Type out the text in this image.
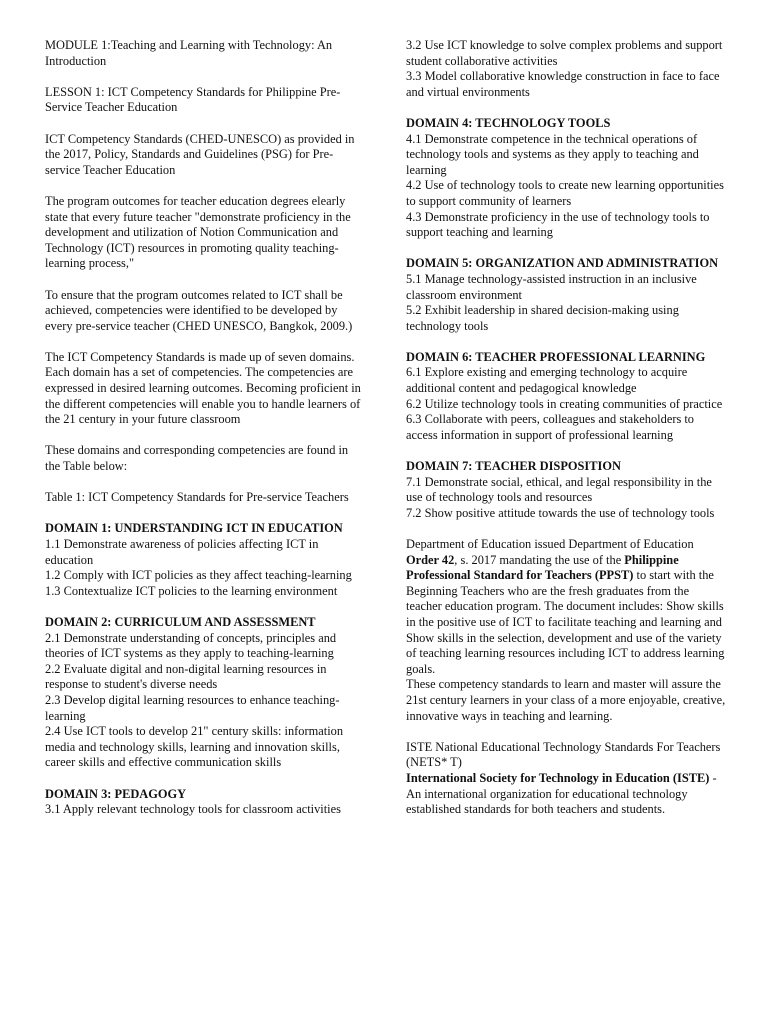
MODULE 1:Teaching and Learning with Technology: An Introduction

LESSON 1: ICT Competency Standards for Philippine Pre- Service Teacher Education

ICT Competency Standards (CHED-UNESCO) as provided in the 2017, Policy, Standards and Guidelines (PSG) for Pre-service Teacher Education

The program outcomes for teacher education degrees elearly state that every future teacher "demonstrate proficiency in the development and utilization of Notion Communication and Technology (ICT) resources in promoting quality teaching-learning process,"

To ensure that the program outcomes related to ICT shall be achieved, competencies were identified to be developed by every pre-service teacher (CHED UNESCO, Bangkok, 2009.)

The ICT Competency Standards is made up of seven domains. Each domain has a set of competencies. The competencies are expressed in desired learning outcomes. Becoming proficient in the different competencies will enable you to handle learners of the 21 century in your future classroom

These domains and corresponding competencies are found in the Table below:

Table 1: ICT Competency Standards for Pre-service Teachers

DOMAIN 1: UNDERSTANDING ICT IN EDUCATION
1.1 Demonstrate awareness of policies affecting ICT in education
1.2 Comply with ICT policies as they affect teaching-learning
1.3 Contextualize ICT policies to the learning environment
DOMAIN 2: CURRICULUM AND ASSESSMENT
2.1 Demonstrate understanding of concepts, principles and theories of ICT systems as they apply to teaching-learning
2.2 Evaluate digital and non-digital learning resources in response to student's diverse needs
2.3 Develop digital learning resources to enhance teaching-learning
2.4 Use ICT tools to develop 21" century skills: information media and technology skills, learning and innovation skills, career skills and effective communication skills
DOMAIN 3: PEDAGOGY
3.1 Apply relevant technology tools for classroom activities
3.2 Use ICT knowledge to solve complex problems and support student collaborative activities
3.3 Model collaborative knowledge construction in face to face and virtual environments
DOMAIN 4: TECHNOLOGY TOOLS
4.1 Demonstrate competence in the technical operations of technology tools and systems as they apply to teaching and learning
4.2 Use of technology tools to create new learning opportunities to support community of learners
4.3 Demonstrate proficiency in the use of technology tools to support teaching and learning
DOMAIN 5: ORGANIZATION AND ADMINISTRATION
5.1 Manage technology-assisted instruction in an inclusive classroom environment
5.2 Exhibit leadership in shared decision-making using technology tools
DOMAIN 6: TEACHER PROFESSIONAL LEARNING
6.1 Explore existing and emerging technology to acquire additional content and pedagogical knowledge
6.2 Utilize technology tools in creating communities of practice
6.3 Collaborate with peers, colleagues and stakeholders to access information in support of professional learning
DOMAIN 7: TEACHER DISPOSITION
7.1 Demonstrate social, ethical, and legal responsibility in the use of technology tools and resources
7.2 Show positive attitude towards the use of technology tools

Department of Education issued Department of Education Order 42, s. 2017 mandating the use of the Philippine Professional Standard for Teachers (PPST) to start with the Beginning Teachers who are the fresh graduates from the teacher education program. The document includes: Show skills in the positive use of ICT to facilitate teaching and learning and Show skills in the selection, development and use of the variety of teaching learning resources including ICT to address learning goals.

These competency standards to learn and master will assure the 21st century learners in your class of a more enjoyable, creative, innovative ways in teaching and learning.

ISTE National Educational Technology Standards For Teachers (NETS* T)

International Society for Technology in Education (ISTE) - An international organization for educational technology established standards for both teachers and students.
